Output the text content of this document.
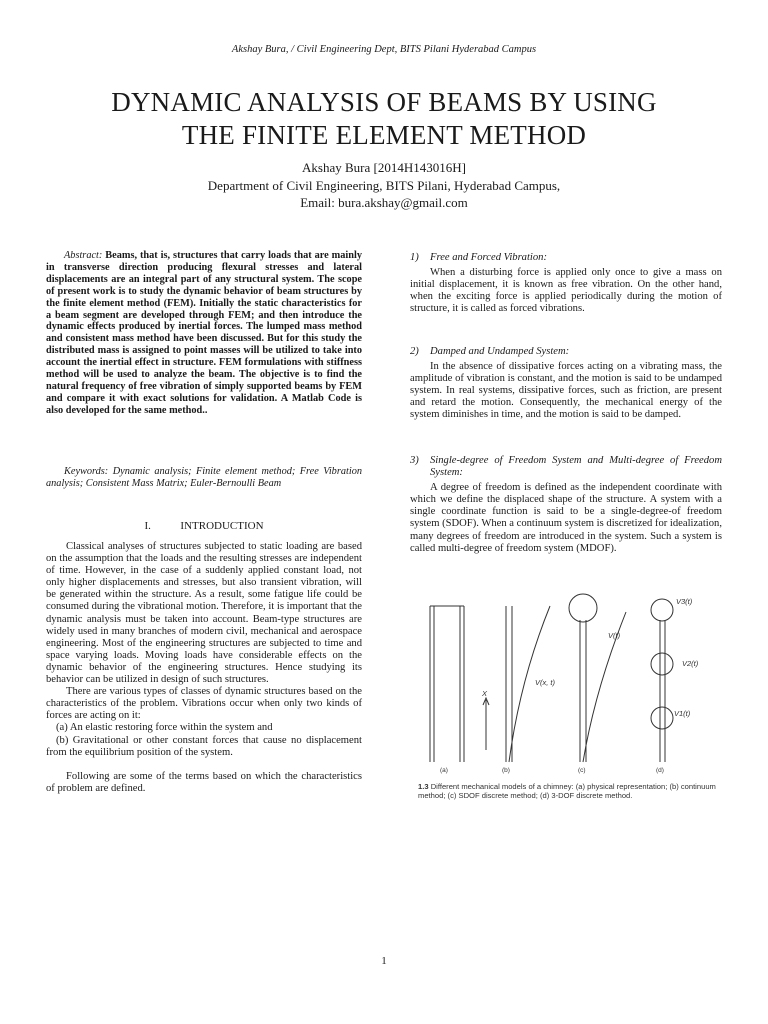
Akshay Bura, / Civil Engineering Dept, BITS Pilani Hyderabad Campus
DYNAMIC ANALYSIS OF BEAMS BY USING
THE FINITE ELEMENT METHOD
Akshay Bura [2014H143016H]
Department of Civil Engineering, BITS Pilani, Hyderabad Campus,
Email: bura.akshay@gmail.com

Abstract: Beams, that is, structures that carry loads that are mainly in transverse direction producing flexural stresses and lateral displacements are an integral part of any structural system. The scope of present work is to study the dynamic behavior of beam structures by the finite element method (FEM). Initially the static characteristics for a beam segment are developed through FEM; and then introduce the dynamic effects produced by inertial forces. The lumped mass method and consistent mass method have been discussed. But for this study the distributed mass is assigned to point masses will be utilized to take into account the inertial effect in structure. FEM formulations with stiffness method will be used to analyze the beam. The objective is to find the natural frequency of free vibration of simply supported beams by FEM and compare it with exact solutions for validation. A Matlab Code is also developed for the same method..

Keywords: Dynamic analysis; Finite element method; Free Vibration analysis; Consistent Mass Matrix; Euler-Bernoulli Beam
I.	INTRODUCTION

Classical analyses of structures subjected to static loading are based on the assumption that the loads and the resulting stresses are independent of time. However, in the case of a suddenly applied constant load, not only higher displacements and stresses, but also transient vibration, will be generated within the structure. As a result, some fatigue life could be consumed during the vibrational motion. Therefore, it is important that the dynamic analysis must be taken into account. Beam-type structures are widely used in many branches of modern civil, mechanical and aerospace engineering. Most of the engineering structures are subjected to time and space varying loads. Moving loads have considerable effects on the dynamic behavior of the engineering structures. Hence studying its behavior can be utilized in design of such structures.

There are various types of classes of dynamic structures based on the characteristics of the problem. Vibrations occur when only two kinds of forces are acting on it:

(a) An elastic restoring force within the system and

(b) Gravitational or other constant forces that cause no displacement from the equilibrium position of the system.

Following are some of the terms based on which the characteristics of problem are defined.

1) Free and Forced Vibration:

When a disturbing force is applied only once to give a mass on initial displacement, it is known as free vibration. On the other hand, when the exciting force is applied periodically during the motion of structure, it is called as forced vibrations.

2) Damped and Undamped System:

In the absence of dissipative forces acting on a vibrating mass, the amplitude of vibration is constant, and the motion is said to be undamped system. In real systems, dissipative forces, such as friction, are present and retard the motion. Consequently, the mechanical energy of the system diminishes in time, and the motion is said to be damped.

3) Single-degree of Freedom System and Multi-degree of Freedom System:

A degree of freedom is defined as the independent coordinate with which we define the displaced shape of the structure. A system with a single coordinate function is said to be a single-degree-of freedom system (SDOF). When a continuum system is discretized for idealization, many degrees of freedom are introduced in the system. Such a system is called multi-degree of freedom system (MDOF).

V(t)
V(x, t)
X
V3(t)
V2(t)
V1(t)
(a)	(b)	(c)	(d)
1.3 Different mechanical models of a chimney: (a) physical representation; (b) continuum method; (c) SDOF discrete method; (d) 3-DOF discrete method.
1
